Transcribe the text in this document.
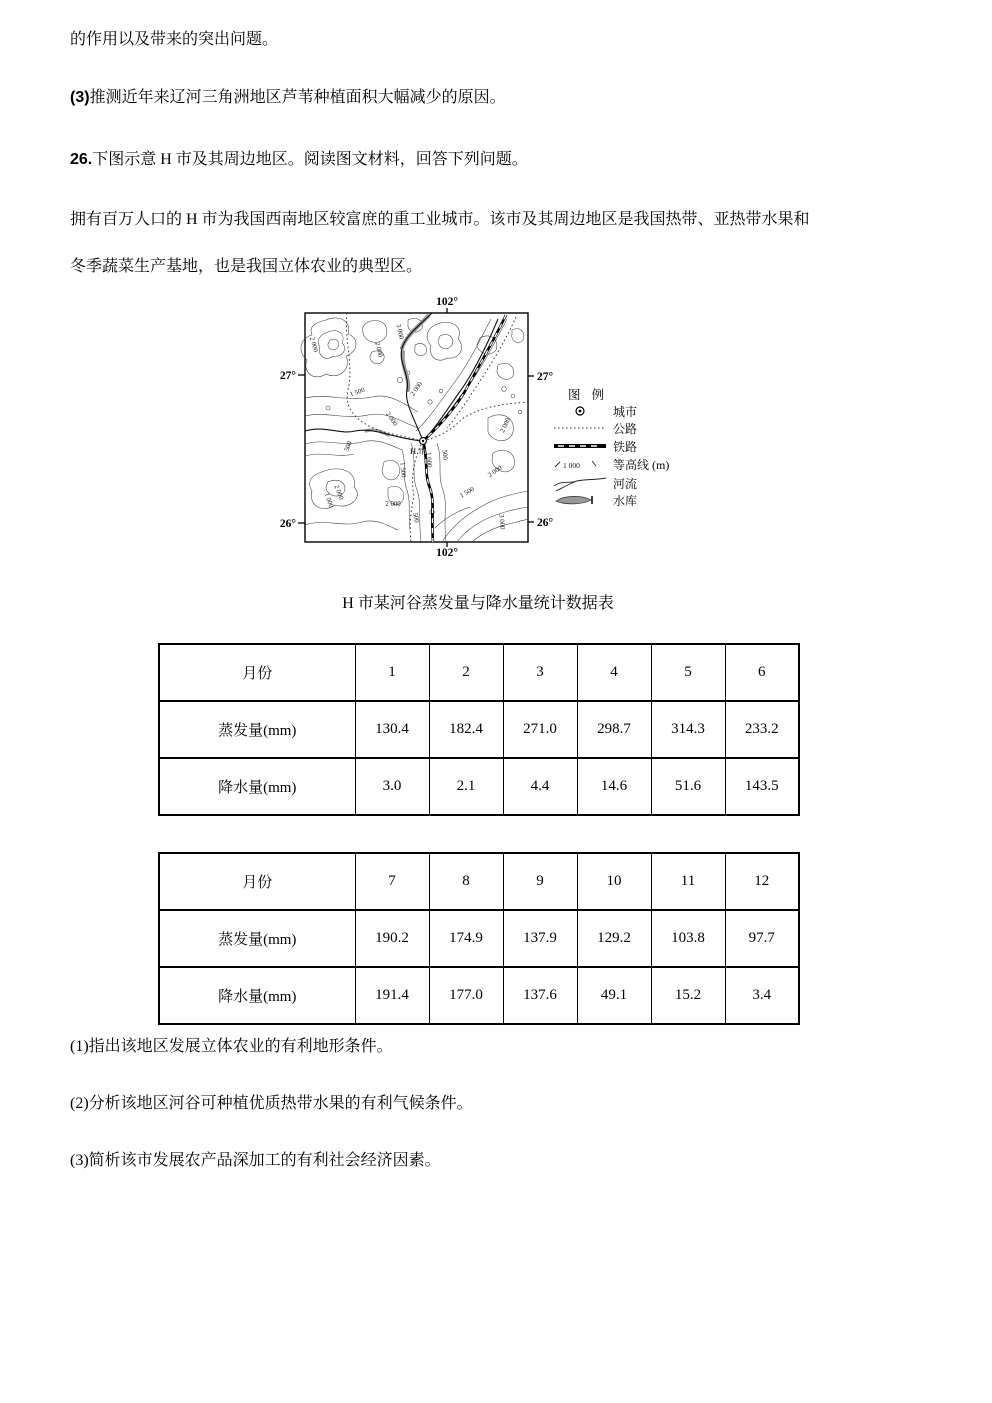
的作用以及带来的突出问题。

(3)推测近年来辽河三角洲地区芦苇种植面积大幅减少的原因。

26.下图示意 H 市及其周边地区。阅读图文材料，回答下列问题。

拥有百万人口的 H 市为我国西南地区较富庶的重工业城市。该市及其周边地区是我国热带、亚热带水果和
冬季蔬菜生产基地，也是我国立体农业的典型区。

102°
102°
27°	27°
26°	26°
H 市
3 000
2 000
2 000
1 500	2 000
2 000
500
1 500
1 000 500
2 000
500
1 500
2 000
2 000
3 000
2 000
1 000
图 例
城市
公路
铁路
1 000	等高线 (m)
河流
水库
H 市某河谷蒸发量与降水量统计数据表
月份	1	2	3	4	5	6
蒸发量(mm)	130.4	182.4	271.0	298.7	314.3	233.2
降水量(mm)	3.0	2.1	4.4	14.6	51.6	143.5
月份	7	8	9	10	11	12
蒸发量(mm)	190.2	174.9	137.9	129.2	103.8	97.7
降水量(mm)	191.4	177.0	137.6	49.1	15.2	3.4

(1)指出该地区发展立体农业的有利地形条件。

(2)分析该地区河谷可种植优质热带水果的有利气候条件。

(3)简析该市发展农产品深加工的有利社会经济因素。
